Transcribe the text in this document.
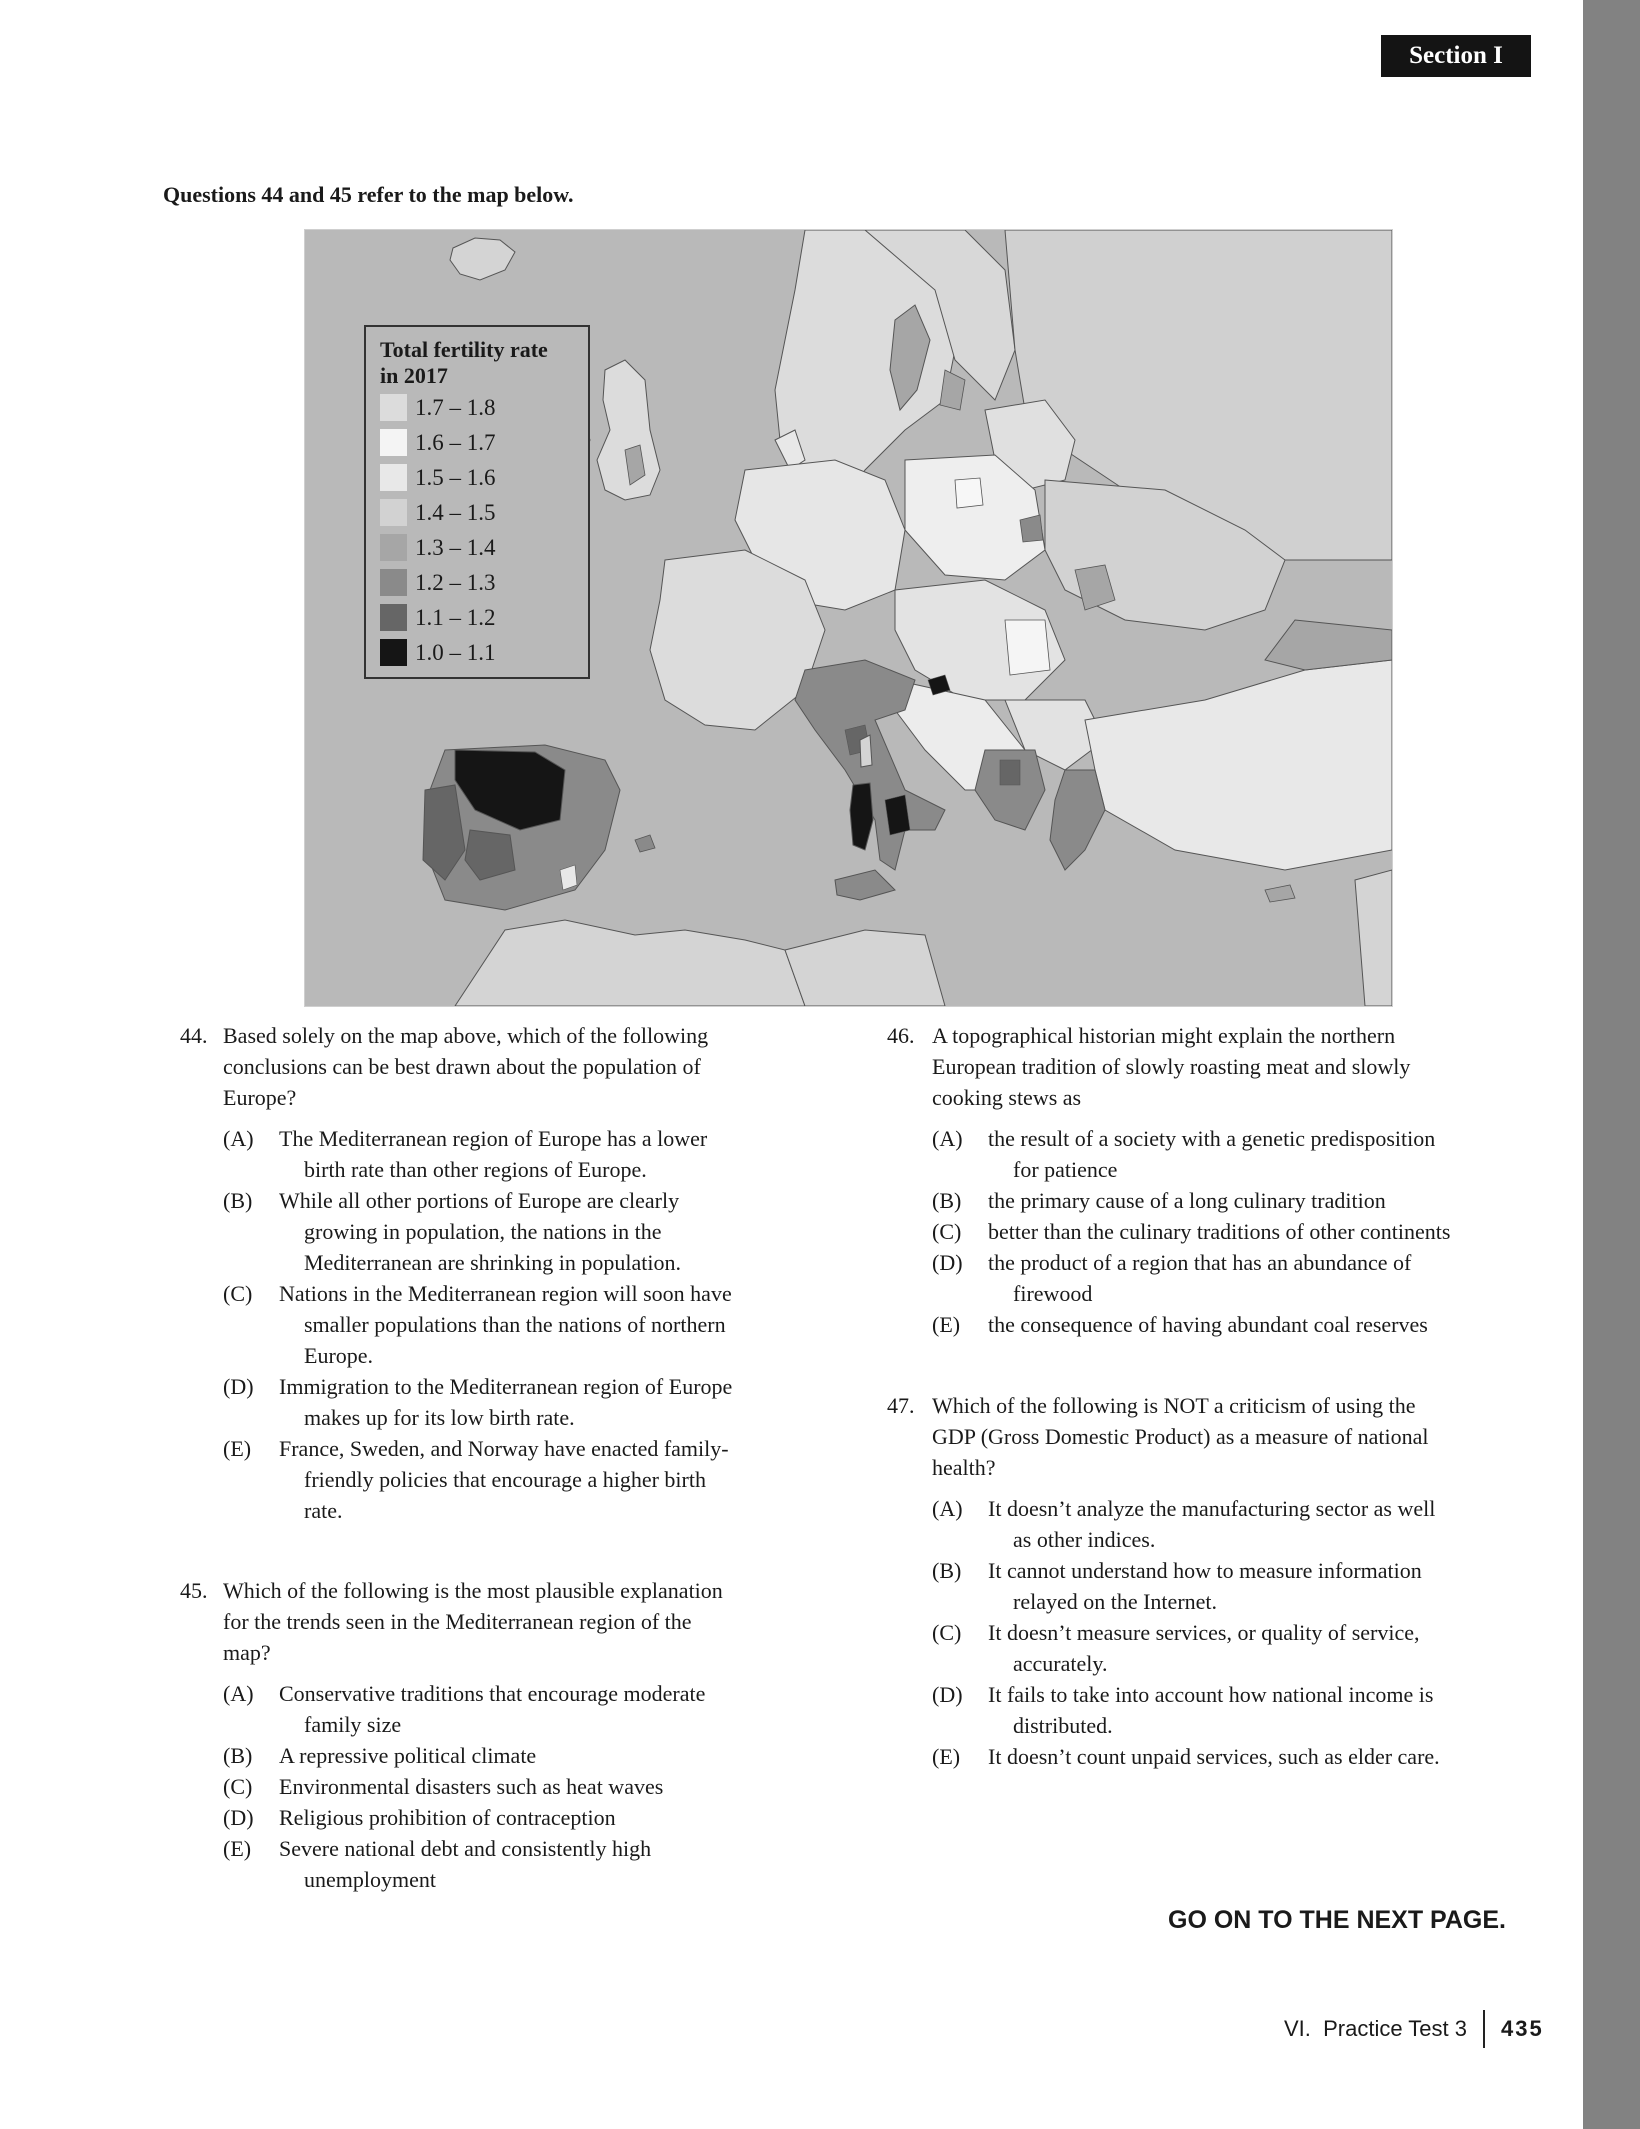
Section I
Questions 44 and 45 refer to the map below.
Total fertility rate
in 2017
1.7 – 1.8
1.6 – 1.7
1.5 – 1.6
1.4 – 1.5
1.3 – 1.4
1.2 – 1.3
1.1 – 1.2
1.0 – 1.1
44. Based solely on the map above, which of the following
conclusions can be best drawn about the population of
Europe?
(A) The Mediterranean region of Europe has a lower
birth rate than other regions of Europe.
(B) While all other portions of Europe are clearly
growing in population, the nations in the
Mediterranean are shrinking in population.
(C) Nations in the Mediterranean region will soon have
smaller populations than the nations of northern
Europe.
(D) Immigration to the Mediterranean region of Europe
makes up for its low birth rate.
(E) France, Sweden, and Norway have enacted family-
friendly policies that encourage a higher birth
rate.
45. Which of the following is the most plausible explanation
for the trends seen in the Mediterranean region of the
map?
(A) Conservative traditions that encourage moderate
family size
(B) A repressive political climate
(C) Environmental disasters such as heat waves
(D) Religious prohibition of contraception
(E) Severe national debt and consistently high
unemployment
46. A topographical historian might explain the northern
European tradition of slowly roasting meat and slowly
cooking stews as
(A) the result of a society with a genetic predisposition
for patience
(B) the primary cause of a long culinary tradition
(C) better than the culinary traditions of other continents
(D) the product of a region that has an abundance of
firewood
(E) the consequence of having abundant coal reserves
47. Which of the following is NOT a criticism of using the
GDP (Gross Domestic Product) as a measure of national
health?
(A) It doesn’t analyze the manufacturing sector as well
as other indices.
(B) It cannot understand how to measure information
relayed on the Internet.
(C) It doesn’t measure services, or quality of service,
accurately.
(D) It fails to take into account how national income is
distributed.
(E) It doesn’t count unpaid services, such as elder care.
GO ON TO THE NEXT PAGE.
VI.  Practice Test 3 435
